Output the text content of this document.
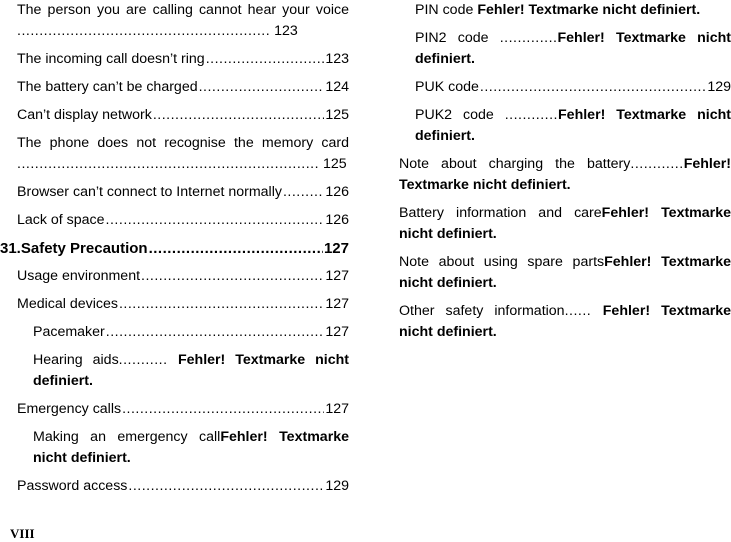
The person you are calling cannot hear your voice ......................................................... 123
The incoming call doesn’t ring .....	123
The battery can’t be charged .....	124
Can’t display network .....	125
The phone does not recognise the memory card .................................................................... 125
Browser can’t connect to Internet normally .....	126
Lack of space .....	126
31.Safety Precaution .....	127
Usage environment .....	127
Medical devices .....	127
Pacemaker .....	127
Hearing aids........... Fehler! Textmarke nicht definiert.
Emergency calls .....	127
Making an emergency callFehler! Textmarke nicht definiert.
Password access .....	129
PIN code Fehler! Textmarke nicht definiert.
PIN2 code .............Fehler! Textmarke nicht definiert.
PUK code .....	129
PUK2 code ............Fehler! Textmarke nicht definiert.
Note about charging the battery............Fehler! Textmarke nicht definiert.
Battery information and careFehler! Textmarke nicht definiert.
Note about using spare partsFehler! Textmarke nicht definiert.
Other safety information...... Fehler! Textmarke nicht definiert.
VIII
